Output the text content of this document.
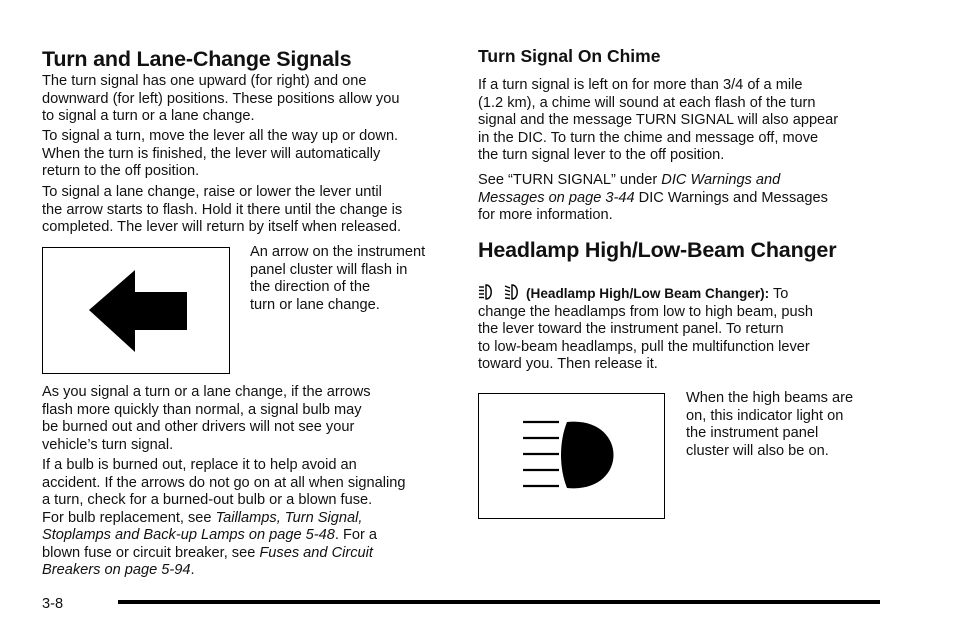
Turn and Lane-Change Signals

The turn signal has one upward (for right) and one
downward (for left) positions. These positions allow you
to signal a turn or a lane change.

To signal a turn, move the lever all the way up or down.
When the turn is finished, the lever will automatically
return to the off position.

To signal a lane change, raise or lower the lever until
the arrow starts to flash. Hold it there until the change is
completed. The lever will return by itself when released.

An arrow on the instrument
panel cluster will flash in
the direction of the
turn or lane change.

As you signal a turn or a lane change, if the arrows
flash more quickly than normal, a signal bulb may
be burned out and other drivers will not see your
vehicle’s turn signal.

If a bulb is burned out, replace it to help avoid an
accident. If the arrows do not go on at all when signaling
a turn, check for a burned-out bulb or a blown fuse.
For bulb replacement, see Taillamps, Turn Signal,
Stoplamps and Back-up Lamps on page 5-48. For a
blown fuse or circuit breaker, see Fuses and Circuit
Breakers on page 5-94.

Turn Signal On Chime

If a turn signal is left on for more than 3/4 of a mile
(1.2 km), a chime will sound at each flash of the turn
signal and the message TURN SIGNAL will also appear
in the DIC. To turn the chime and message off, move
the turn signal lever to the off position.

See “TURN SIGNAL” under DIC Warnings and
Messages on page 3-44 DIC Warnings and Messages
for more information.

Headlamp High/Low-Beam Changer

(Headlamp High/Low Beam Changer): To
change the headlamps from low to high beam, push
the lever toward the instrument panel. To return
to low-beam headlamps, pull the multifunction lever
toward you. Then release it.

When the high beams are
on, this indicator light on
the instrument panel
cluster will also be on.

3-8
